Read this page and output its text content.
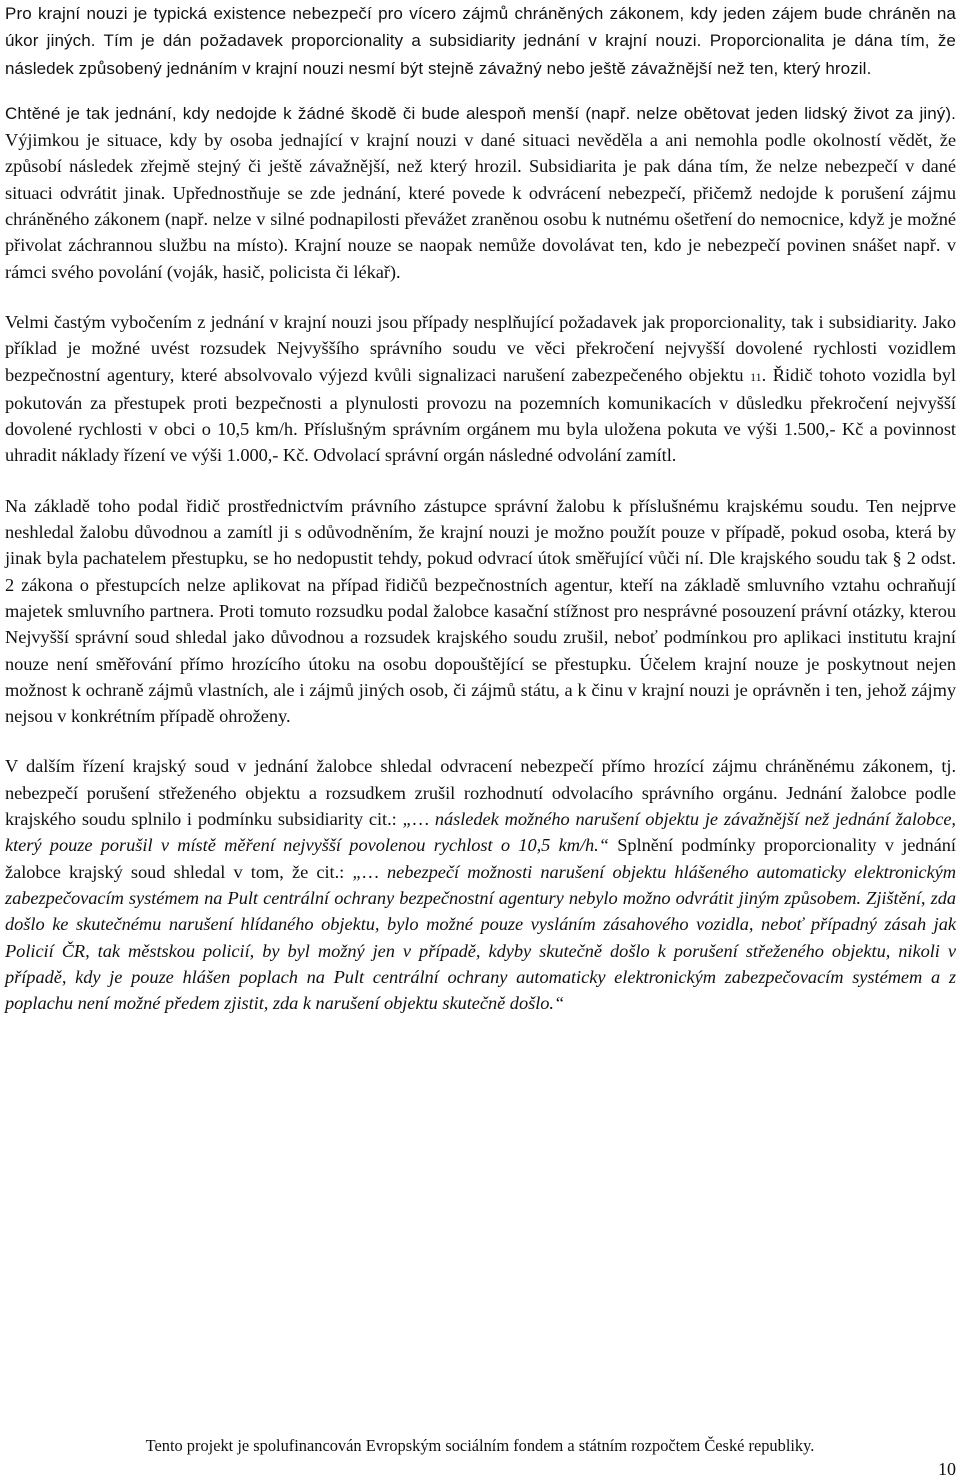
Pro krajní nouzi je typická existence nebezpečí pro vícero zájmů chráněných zákonem, kdy jeden zájem bude chráněn na úkor jiných. Tím je dán požadavek proporcionality a subsidiarity jednání v krajní nouzi. Proporcionalita je dána tím, že následek způsobený jednáním v krajní nouzi nesmí být stejně závažný nebo ještě závažnější než ten, který hrozil.

Chtěné je tak jednání, kdy nedojde k žádné škodě či bude alespoň menší (např. nelze obětovat jeden lidský život za jiný). Výjimkou je situace, kdy by osoba jednající v krajní nouzi v dané situaci nevěděla a ani nemohla podle okolností vědět, že způsobí následek zřejmě stejný či ještě závažnější, než který hrozil. Subsidiarita je pak dána tím, že nelze nebezpečí v dané situaci odvrátit jinak. Upřednostňuje se zde jednání, které povede k odvrácení nebezpečí, přičemž nedojde k porušení zájmu chráněného zákonem (např. nelze v silné podnapilosti převážet zraněnou osobu k nutnému ošetření do nemocnice, když je možné přivolat záchrannou službu na místo). Krajní nouze se naopak nemůže dovolávat ten, kdo je nebezpečí povinen snášet např. v rámci svého povolání (voják, hasič, policista či lékař).

Velmi častým vybočením z jednání v krajní nouzi jsou případy nesplňující požadavek jak proporcionality, tak i subsidiarity. Jako příklad je možné uvést rozsudek Nejvyššího správního soudu ve věci překročení nejvyšší dovolené rychlosti vozidlem bezpečnostní agentury, které absolvovalo výjezd kvůli signalizaci narušení zabezpečeného objektu 11. Řidič tohoto vozidla byl pokutován za přestupek proti bezpečnosti a plynulosti provozu na pozemních komunikacích v důsledku překročení nejvyšší dovolené rychlosti v obci o 10,5 km/h. Příslušným správním orgánem mu byla uložena pokuta ve výši 1.500,- Kč a povinnost uhradit náklady řízení ve výši 1.000,- Kč. Odvolací správní orgán následné odvolání zamítl.

Na základě toho podal řidič prostřednictvím právního zástupce správní žalobu k příslušnému krajskému soudu. Ten nejprve neshledal žalobu důvodnou a zamítl ji s odůvodněním, že krajní nouzi je možno použít pouze v případě, pokud osoba, která by jinak byla pachatelem přestupku, se ho nedopustit tehdy, pokud odvrací útok směřující vůči ní. Dle krajského soudu tak § 2 odst. 2 zákona o přestupcích nelze aplikovat na případ řidičů bezpečnostních agentur, kteří na základě smluvního vztahu ochraňují majetek smluvního partnera. Proti tomuto rozsudku podal žalobce kasační stížnost pro nesprávné posouzení právní otázky, kterou Nejvyšší správní soud shledal jako důvodnou a rozsudek krajského soudu zrušil, neboť podmínkou pro aplikaci institutu krajní nouze není směřování přímo hrozícího útoku na osobu dopouštějící se přestupku. Účelem krajní nouze je poskytnout nejen možnost k ochraně zájmů vlastních, ale i zájmů jiných osob, či zájmů státu, a k činu v krajní nouzi je oprávněn i ten, jehož zájmy nejsou v konkrétním případě ohroženy.

V dalším řízení krajský soud v jednání žalobce shledal odvracení nebezpečí přímo hrozící zájmu chráněnému zákonem, tj. nebezpečí porušení střeženého objektu a rozsudkem zrušil rozhodnutí odvolacího správního orgánu. Jednání žalobce podle krajského soudu splnilo i podmínku subsidiarity cit.: „… následek možného narušení objektu je závažnější než jednání žalobce, který pouze porušil v místě měření nejvyšší povolenou rychlost o 10,5 km/h.“ Splnění podmínky proporcionality v jednání žalobce krajský soud shledal v tom, že cit.: „… nebezpečí možnosti narušení objektu hlášeného automaticky elektronickým zabezpečovacím systémem na Pult centrální ochrany bezpečnostní agentury nebylo možno odvrátit jiným způsobem. Zjištění, zda došlo ke skutečnému narušení hlídaného objektu, bylo možné pouze vysláním zásahového vozidla, neboť případný zásah jak Policií ČR, tak městskou policií, by byl možný jen v případě, kdyby skutečně došlo k porušení střeženého objektu, nikoli v případě, kdy je pouze hlášen poplach na Pult centrální ochrany automaticky elektronickým zabezpečovacím systémem a z poplachu není možné předem zjistit, zda k narušení objektu skutečně došlo.“

Tento projekt je spolufinancován Evropským sociálním fondem a státním rozpočtem České republiky.
10
